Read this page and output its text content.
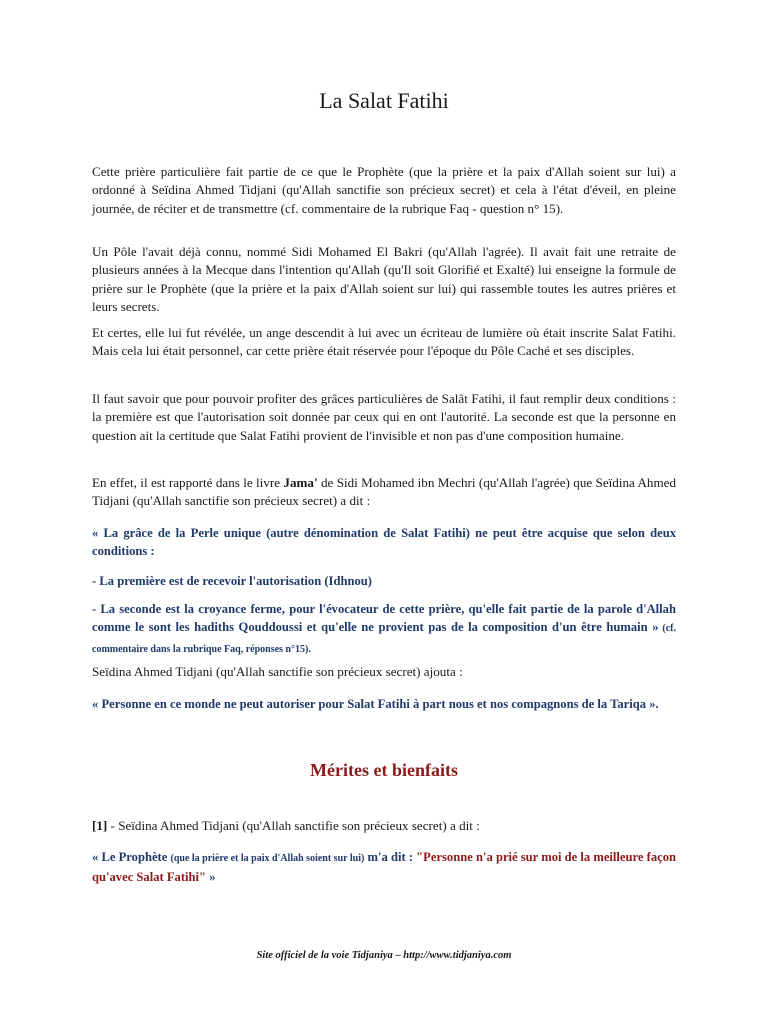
La Salat Fatihi

Cette prière particulière fait partie de ce que le Prophète (que la prière et la paix d'Allah soient sur lui) a ordonné à Seïdina Ahmed Tidjani (qu'Allah sanctifie son précieux secret) et cela à l'état d'éveil, en pleine journée, de réciter et de transmettre (cf. commentaire de la rubrique Faq - question n° 15).

Un Pôle l'avait déjà connu, nommé Sidi Mohamed El Bakri (qu'Allah l'agrée). Il avait fait une retraite de plusieurs années à la Mecque dans l'intention qu'Allah (qu'Il soit Glorifié et Exalté) lui enseigne la formule de prière sur le Prophète (que la prière et la paix d'Allah soient sur lui) qui rassemble toutes les autres prières et leurs secrets.

Et certes, elle lui fut révélée, un ange descendit à lui avec un écriteau de lumière où était inscrite Salat Fatihi. Mais cela lui était personnel, car cette prière était réservée pour l'époque du Pôle Caché et ses disciples.

Il faut savoir que pour pouvoir profiter des grâces particulières de Salât Fatihi, il faut remplir deux conditions : la première est que l'autorisation soit donnée par ceux qui en ont l'autorité. La seconde est que la personne en question ait la certitude que Salat Fatihi provient de l'invisible et non pas d'une composition humaine.

En effet, il est rapporté dans le livre Jama' de Sidi Mohamed ibn Mechri (qu'Allah l'agrée) que Seïdina Ahmed Tidjani (qu'Allah sanctifie son précieux secret) a dit :

« La grâce de la Perle unique (autre dénomination de Salat Fatihi) ne peut être acquise que selon deux conditions :

- La première est de recevoir l'autorisation (Idhnou)

- La seconde est la croyance ferme, pour l'évocateur de cette prière, qu'elle fait partie de la parole d'Allah comme le sont les hadiths Qouddoussi et qu'elle ne provient pas de la composition d'un être humain » (cf. commentaire dans la rubrique Faq, réponses n°15).

Seïdina Ahmed Tidjani (qu'Allah sanctifie son précieux secret) ajouta :

« Personne en ce monde ne peut autoriser pour Salat Fatihi à part nous et nos compagnons de la Tariqa ».

Mérites et bienfaits

[1] - Seïdina Ahmed Tidjani (qu'Allah sanctifie son précieux secret) a dit :

« Le Prophète (que la prière et la paix d'Allah soient sur lui) m'a dit : "Personne n'a prié sur moi de la meilleure façon qu'avec Salat Fatihi" »

Site officiel de la voie Tidjaniya – http://www.tidjaniya.com
